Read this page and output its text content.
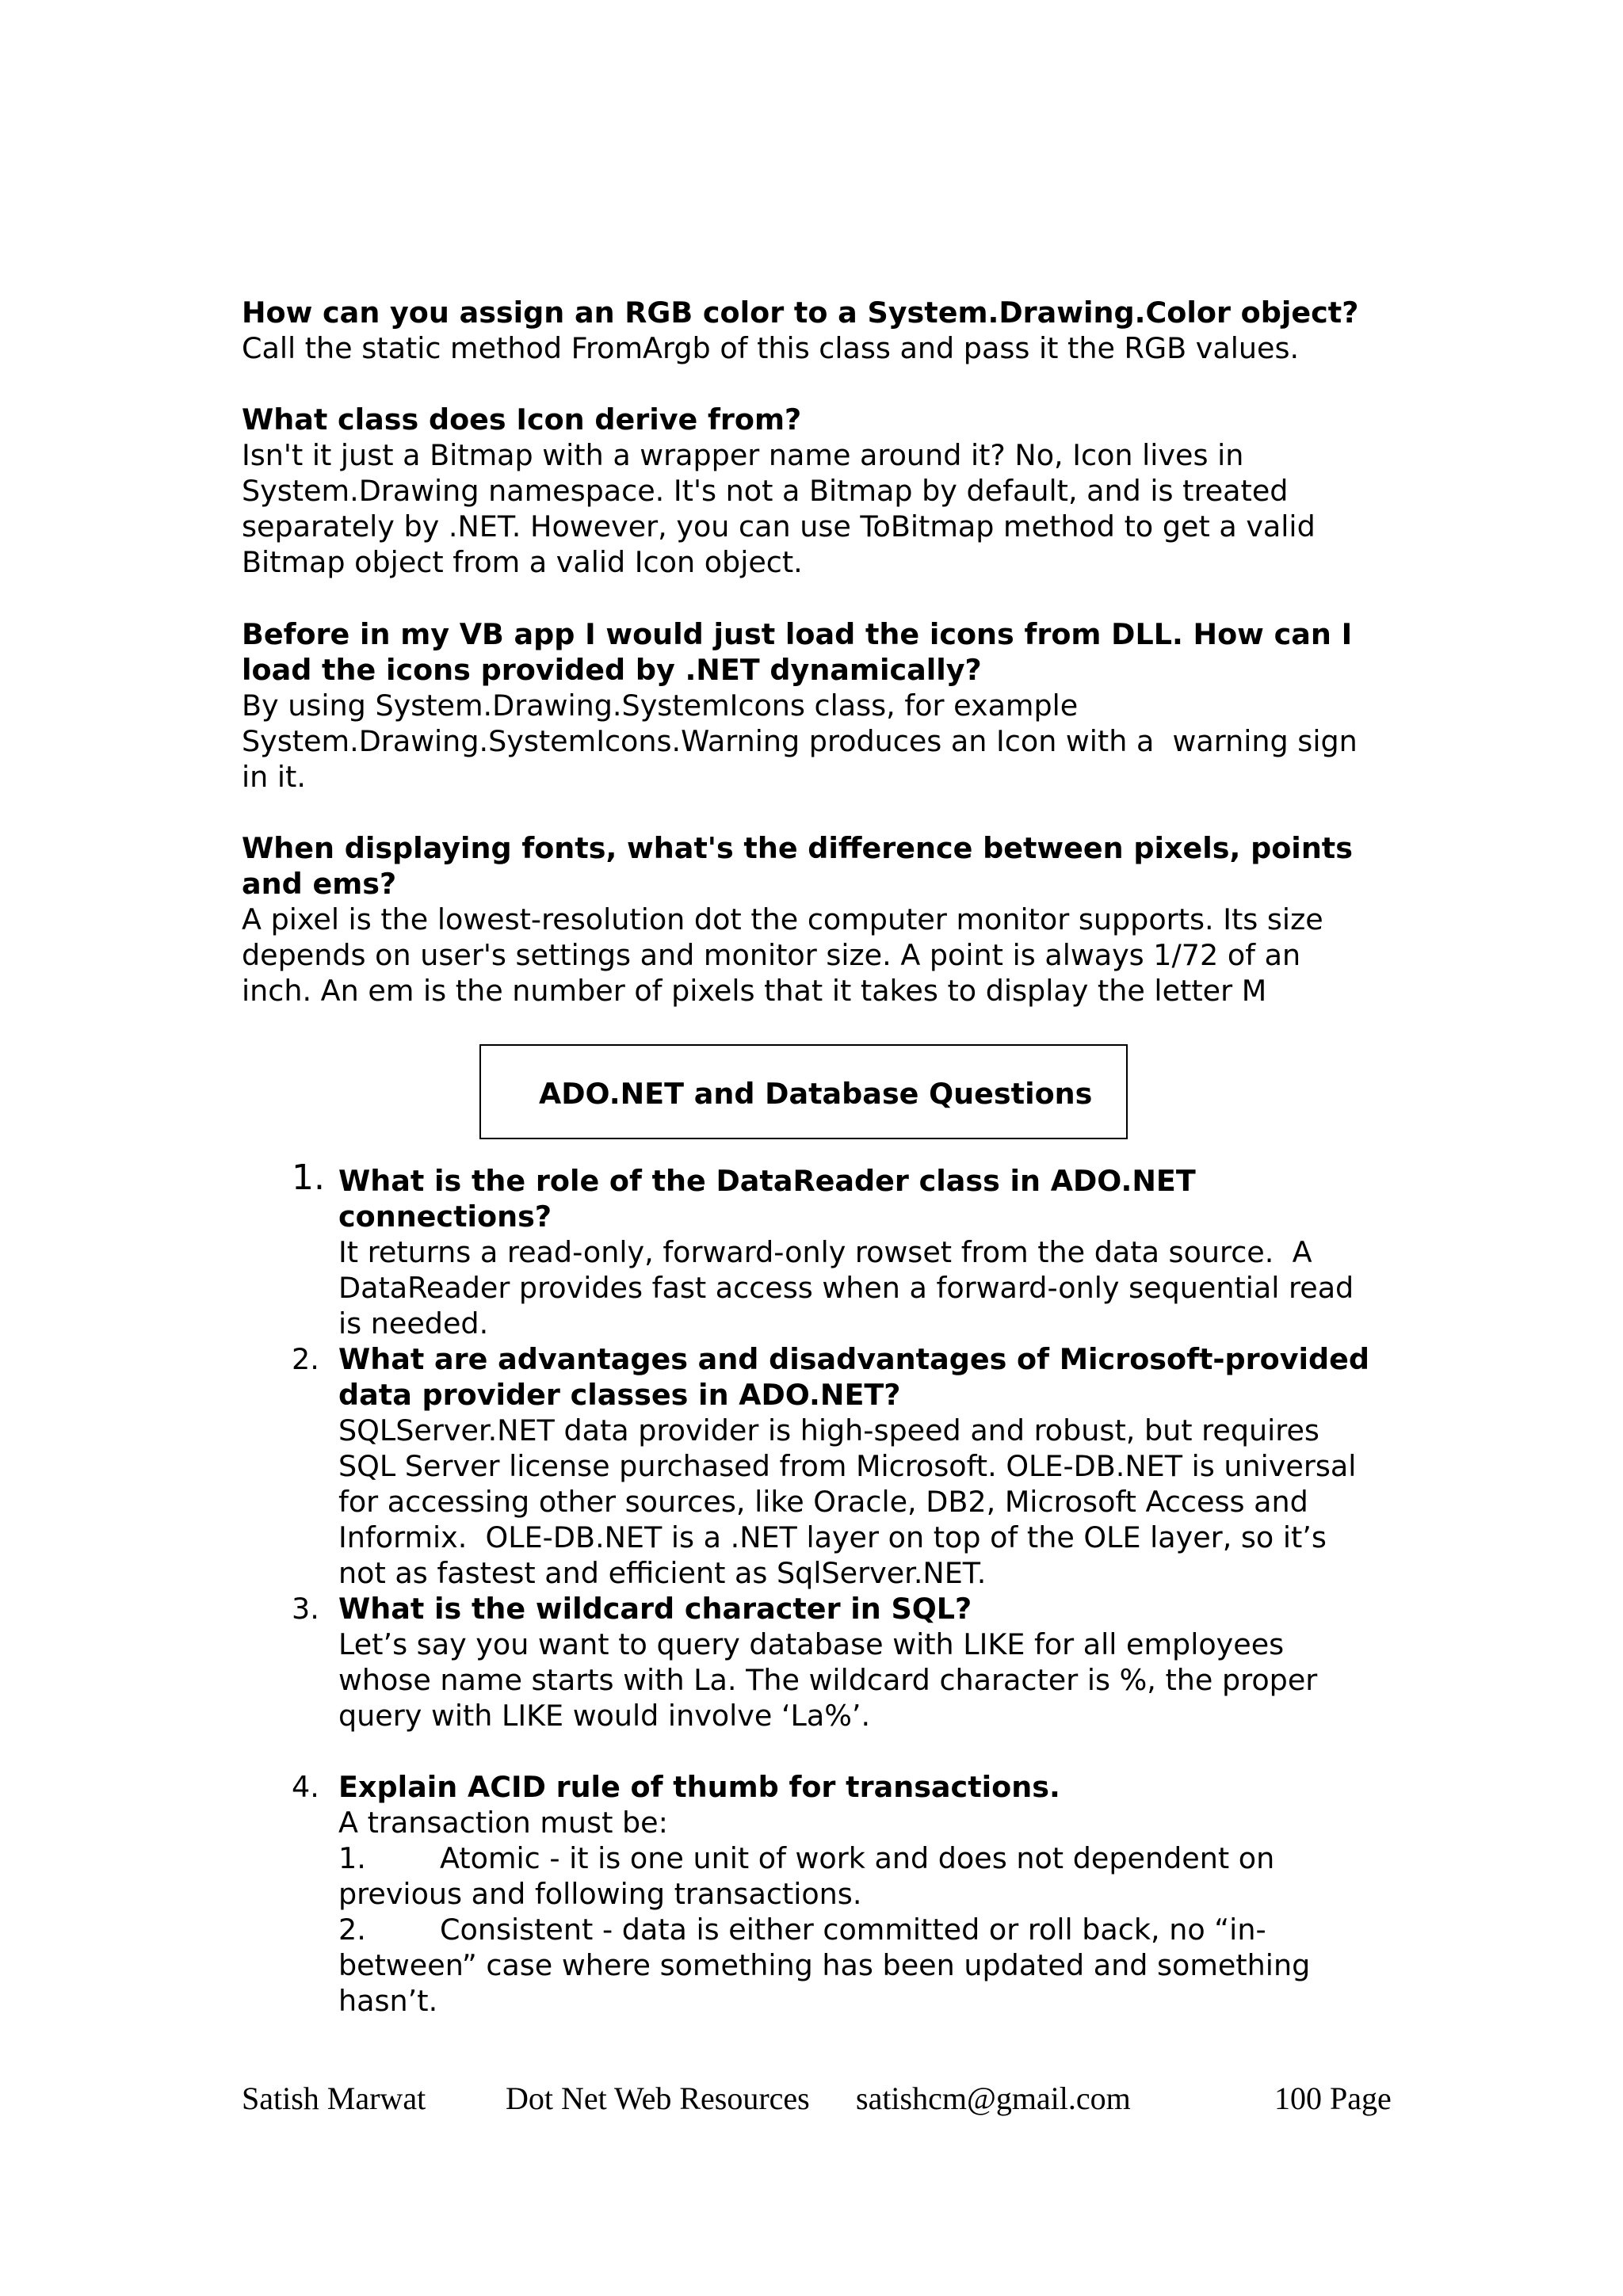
How can you assign an RGB color to a System.Drawing.Color object?
Call the static method FromArgb of this class and pass it the RGB values.
What class does Icon derive from?
Isn't it just a Bitmap with a wrapper name around it? No, Icon lives in
System.Drawing namespace. It's not a Bitmap by default, and is treated
separately by .NET. However, you can use ToBitmap method to get a valid
Bitmap object from a valid Icon object.
Before in my VB app I would just load the icons from DLL. How can I
load the icons provided by .NET dynamically?
By using System.Drawing.SystemIcons class, for example
System.Drawing.SystemIcons.Warning produces an Icon with a  warning sign
in it.
When displaying fonts, what's the difference between pixels, points
and ems?
A pixel is the lowest-resolution dot the computer monitor supports. Its size
depends on user's settings and monitor size. A point is always 1/72 of an
inch. An em is the number of pixels that it takes to display the letter M
ADO.NET and Database Questions
1. What is the role of the DataReader class in ADO.NET
connections?
It returns a read-only, forward-only rowset from the data source.  A
DataReader provides fast access when a forward-only sequential read
is needed.
2. What are advantages and disadvantages of Microsoft-provided
data provider classes in ADO.NET?
SQLServer.NET data provider is high-speed and robust, but requires
SQL Server license purchased from Microsoft. OLE-DB.NET is universal
for accessing other sources, like Oracle, DB2, Microsoft Access and
Informix.  OLE-DB.NET is a .NET layer on top of the OLE layer, so it’s
not as fastest and efficient as SqlServer.NET.
3. What is the wildcard character in SQL?
Let’s say you want to query database with LIKE for all employees
whose name starts with La. The wildcard character is %, the proper
query with LIKE would involve ‘La%’.
4. Explain ACID rule of thumb for transactions.
A transaction must be:
1.	Atomic - it is one unit of work and does not dependent on
previous and following transactions.
2.	Consistent - data is either committed or roll back, no “in-
between” case where something has been updated and something
hasn’t.
Satish Marwat	Dot Net Web Resources satishcm@gmail.com	100 Page
